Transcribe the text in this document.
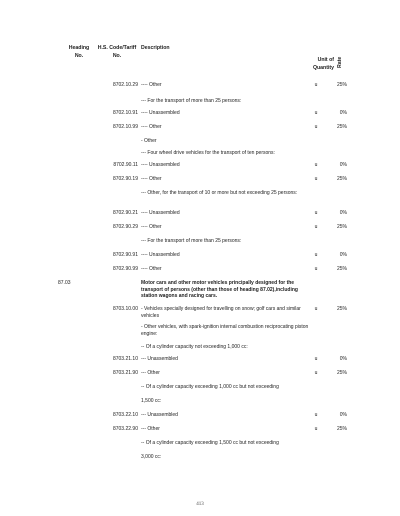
Heading No.
H.S. Code/Tariff No.
Description
Unit of Quantity Rate
8702.10.29 ---- Other	u	25%
--- For the transport of more than 25 persons:
8702.10.91 ---- Unassembled	u	0%
8702.10.99 ---- Other	u	25%
- Other
--- Four wheel drive vehicles for the transport of ten persons:
8702.90.11 ---- Unassembled	u	0%
8702.90.19 ---- Other	u	25%
--- Other, for the transport of 10 or more but not exceeding 25 persons:
8702.90.21 ---- Unassembled	u	0%
8702.90.29 ---- Other	u	25%
--- For the transport of more than 25 persons:
8702.90.91 ---- Unassembled	u	0%
8702.90.99 ---- Other	u	25%
87.03	Motor cars and other motor vehicles principally designed for the transport of persons (other than those of heading 87.02),including station wagons and racing cars.
8703.10.00 - Vehicles specially designed for travelling on snow; golf cars and similar vehicles
u	25%
- Other vehicles, with spark-ignition internal combustion reciprocating piston engine:
-- Of a cylinder capacity not exceeding 1,000 cc:
8703.21.10 --- Unassembled	u	0%
8703.21.90 --- Other	u	25%
-- Of a cylinder capacity exceeding 1,000 cc but not exceeding
1,500 cc:
8703.22.10 --- Unassembled	u	0%
8703.22.90 --- Other	u	25%
-- Of a cylinder capacity exceeding 1,500 cc but not exceeding
3,000 cc:
413
